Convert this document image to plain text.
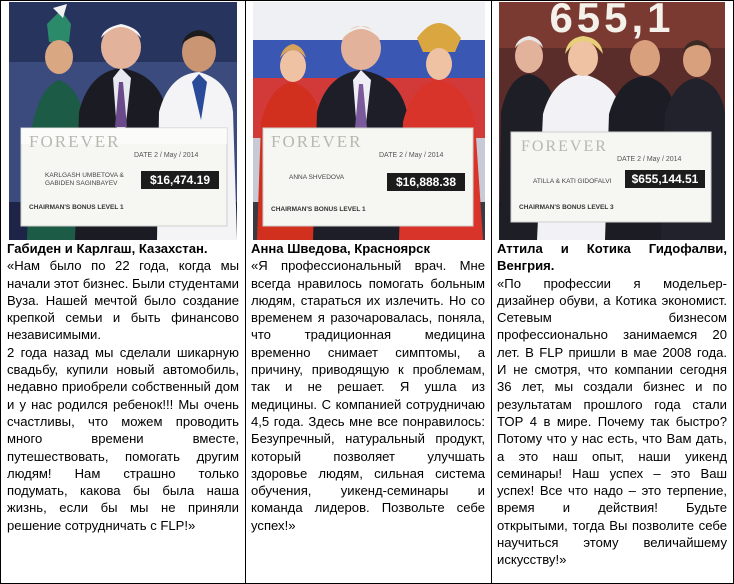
FOREVER
DATE 2 / May / 2014
KARLGASH UMBETOVA & GABIDEN SAGINBAYEV	$16,474.19
CHAIRMAN'S BONUS LEVEL 1

Габиден и Карлгаш, Казахстан.

«Нам было по 22 года, когда мы начали этот бизнес. Были студентами Вуза. Нашей мечтой было создание крепкой семьи и быть финансово независимыми.

2 года назад мы сделали шикарную свадьбу, купили новый автомобиль, недавно приобрели собственный дом и у нас родился ребенок!!! Мы очень счастливы, что можем проводить много времени вместе, путешествовать, помогать другим людям! Нам страшно только подумать, какова бы была наша жизнь, если бы мы не приняли решение сотрудничать с FLP!»

FOREVER
DATE 2 / May / 2014
ANNA SHVEDOVA	$16,888.38
CHAIRMAN'S BONUS LEVEL 1

Анна Шведова, Красноярск

«Я профессиональный врач. Мне всегда нравилось помогать больным людям, стараться их излечить. Но со временем я разочаровалась, поняла, что традиционная медицина временно снимает симптомы, а причину, приводящую к проблемам, так и не решает. Я ушла из медицины. С компанией сотрудничаю 4,5 года. Здесь мне все понравилось: Безупречный, натуральный продукт, который позволяет улучшать здоровье людям, сильная система обучения, уикенд-семинары и команда лидеров. Позвольте себе успех!»

655,1
FOREVER
DATE 2 / May / 2014
ATILLA & KATI GIDOFALVI	$655,144.51
CHAIRMAN'S BONUS LEVEL 3

Аттила и Котика Гидофалви, Венгрия.

«По профессии я модельер-дизайнер обуви, а Котика экономист. Сетевым бизнесом профессионально занимаемся 20 лет. В FLP пришли в мае 2008 года. И не смотря, что компании сегодня 36 лет, мы создали бизнес и по результатам прошлого года стали ТОР 4 в мире. Почему так быстро? Потому что у нас есть, что Вам дать, а это наш опыт, наши уикенд семинары! Наш успех – это Ваш успех! Все что надо – это терпение, время и действия! Будьте открытыми, тогда Вы позволите себе научиться этому величайшему искусству!»
